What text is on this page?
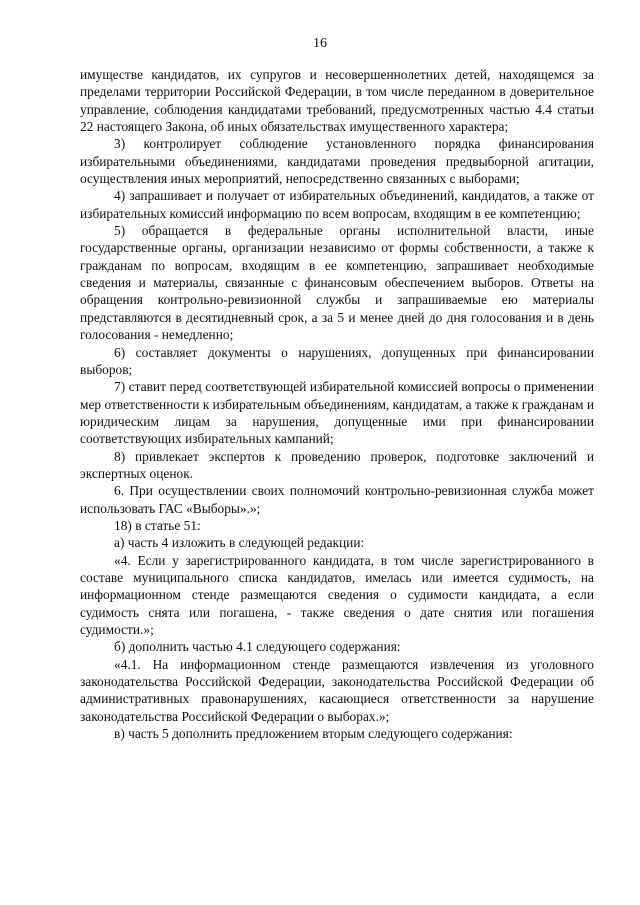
16

имуществе кандидатов, их супругов и несовершеннолетних детей, находящемся за пределами территории Российской Федерации, в том числе переданном в доверительное управление, соблюдения кандидатами требований, предусмотренных частью 4.4 статьи 22 настоящего Закона, об иных обязательствах имущественного характера;

3) контролирует соблюдение установленного порядка финансирования избирательными объединениями, кандидатами проведения предвыборной агитации, осуществления иных мероприятий, непосредственно связанных с выборами;

4) запрашивает и получает от избирательных объединений, кандидатов, а также от избирательных комиссий информацию по всем вопросам, входящим в ее компетенцию;

5) обращается в федеральные органы исполнительной власти, иные государственные органы, организации независимо от формы собственности, а также к гражданам по вопросам, входящим в ее компетенцию, запрашивает необходимые сведения и материалы, связанные с финансовым обеспечением выборов. Ответы на обращения контрольно-ревизионной службы и запрашиваемые ею материалы представляются в десятидневный срок, а за 5 и менее дней до дня голосования и в день голосования - немедленно;

6) составляет документы о нарушениях, допущенных при финансировании выборов;

7) ставит перед соответствующей избирательной комиссией вопросы о применении мер ответственности к избирательным объединениям, кандидатам, а также к гражданам и юридическим лицам за нарушения, допущенные ими при финансировании соответствующих избирательных кампаний;

8) привлекает экспертов к проведению проверок, подготовке заключений и экспертных оценок.

6. При осуществлении своих полномочий контрольно-ревизионная служба может использовать ГАС «Выборы».»;

18) в статье 51:

а) часть 4 изложить в следующей редакции:

«4. Если у зарегистрированного кандидата, в том числе зарегистрированного в составе муниципального списка кандидатов, имелась или имеется судимость, на информационном стенде размещаются сведения о судимости кандидата, а если судимость снята или погашена, - также сведения о дате снятия или погашения судимости.»;

б) дополнить частью 4.1 следующего содержания:

«4.1. На информационном стенде размещаются извлечения из уголовного законодательства Российской Федерации, законодательства Российской Федерации об административных правонарушениях, касающиеся ответственности за нарушение законодательства Российской Федерации о выборах.»;

в) часть 5 дополнить предложением вторым следующего содержания:
